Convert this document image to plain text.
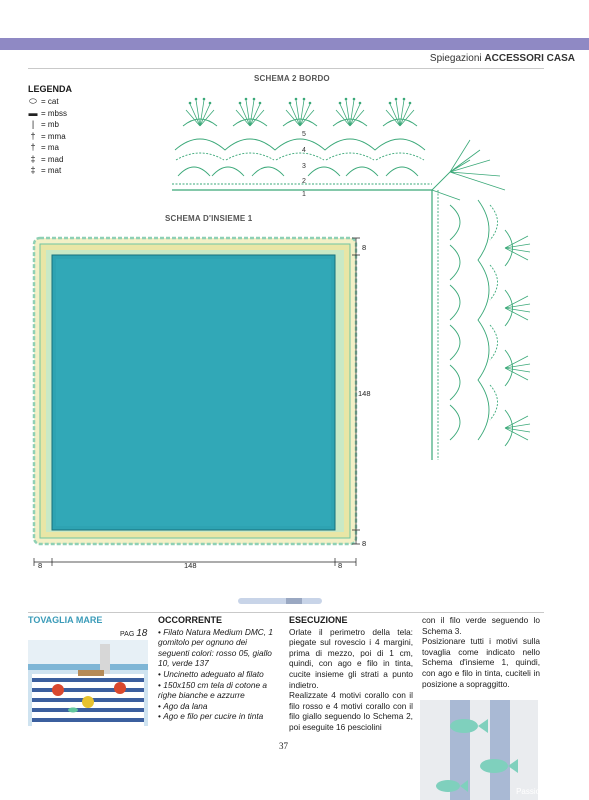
Spiegazioni ACCESSORI CASA
LEGENDA
⬭ = cat
▬ = mbss
| = mb
† = mma
† = ma
‡ = mad
‡ = mat
SCHEMA 2 BORDO
SCHEMA D'INSIEME 1
5
4
3
2
1
8
148
8
8	148	8
TOVAGLIA MARE
PAG 18
OCCORRENTE
• Filato Natura Medium DMC, 1 gomitolo per ognuno dei seguenti colori: rosso 05, giallo 10, verde 137
• Uncinetto adeguato al filato
• 150x150 cm tela di cotone a righe bianche e azzurre
• Ago da lana
• Ago e filo per cucire in tinta
ESECUZIONE
Orlate il perimetro della tela: piegate sul rovescio i 4 margini, prima di mezzo, poi di 1 cm, quindi, con ago e filo in tinta, cucite insieme gli strati a punto indietro.
Realizzate 4 motivi corallo con il filo rosso e 4 motivi corallo con il filo giallo seguendo lo Schema 2, poi eseguite 16 pesciolini
con il filo verde seguendo lo Schema 3.
Posizionare tutti i motivi sulla tovaglia come indicato nello Schema d'insieme 1, quindi, con ago e filo in tinta, cuciteli in posizione a sopraggitto.
37
PassionForum.ru
